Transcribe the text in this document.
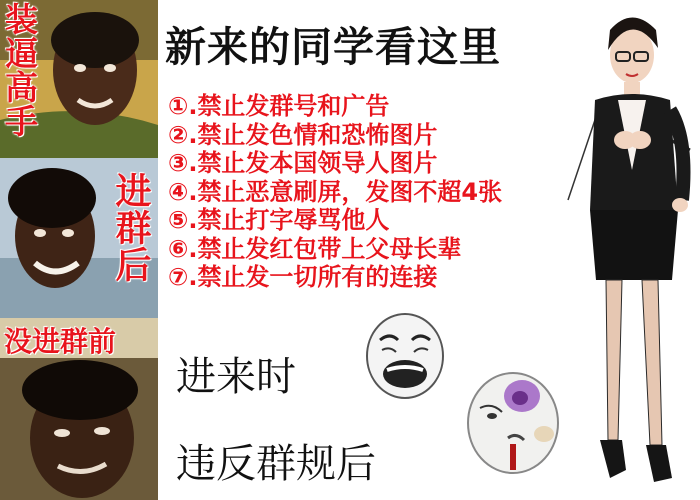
装逼高手
进群后
没进群前
新来的同学看这里
①.禁止发群号和广告
②.禁止发色情和恐怖图片
③.禁止发本国领导人图片
④.禁止恶意刷屏，发图不超4张
⑤.禁止打字辱骂他人
⑥.禁止发红包带上父母长辈
⑦.禁止发一切所有的连接
进来时
违反群规后
